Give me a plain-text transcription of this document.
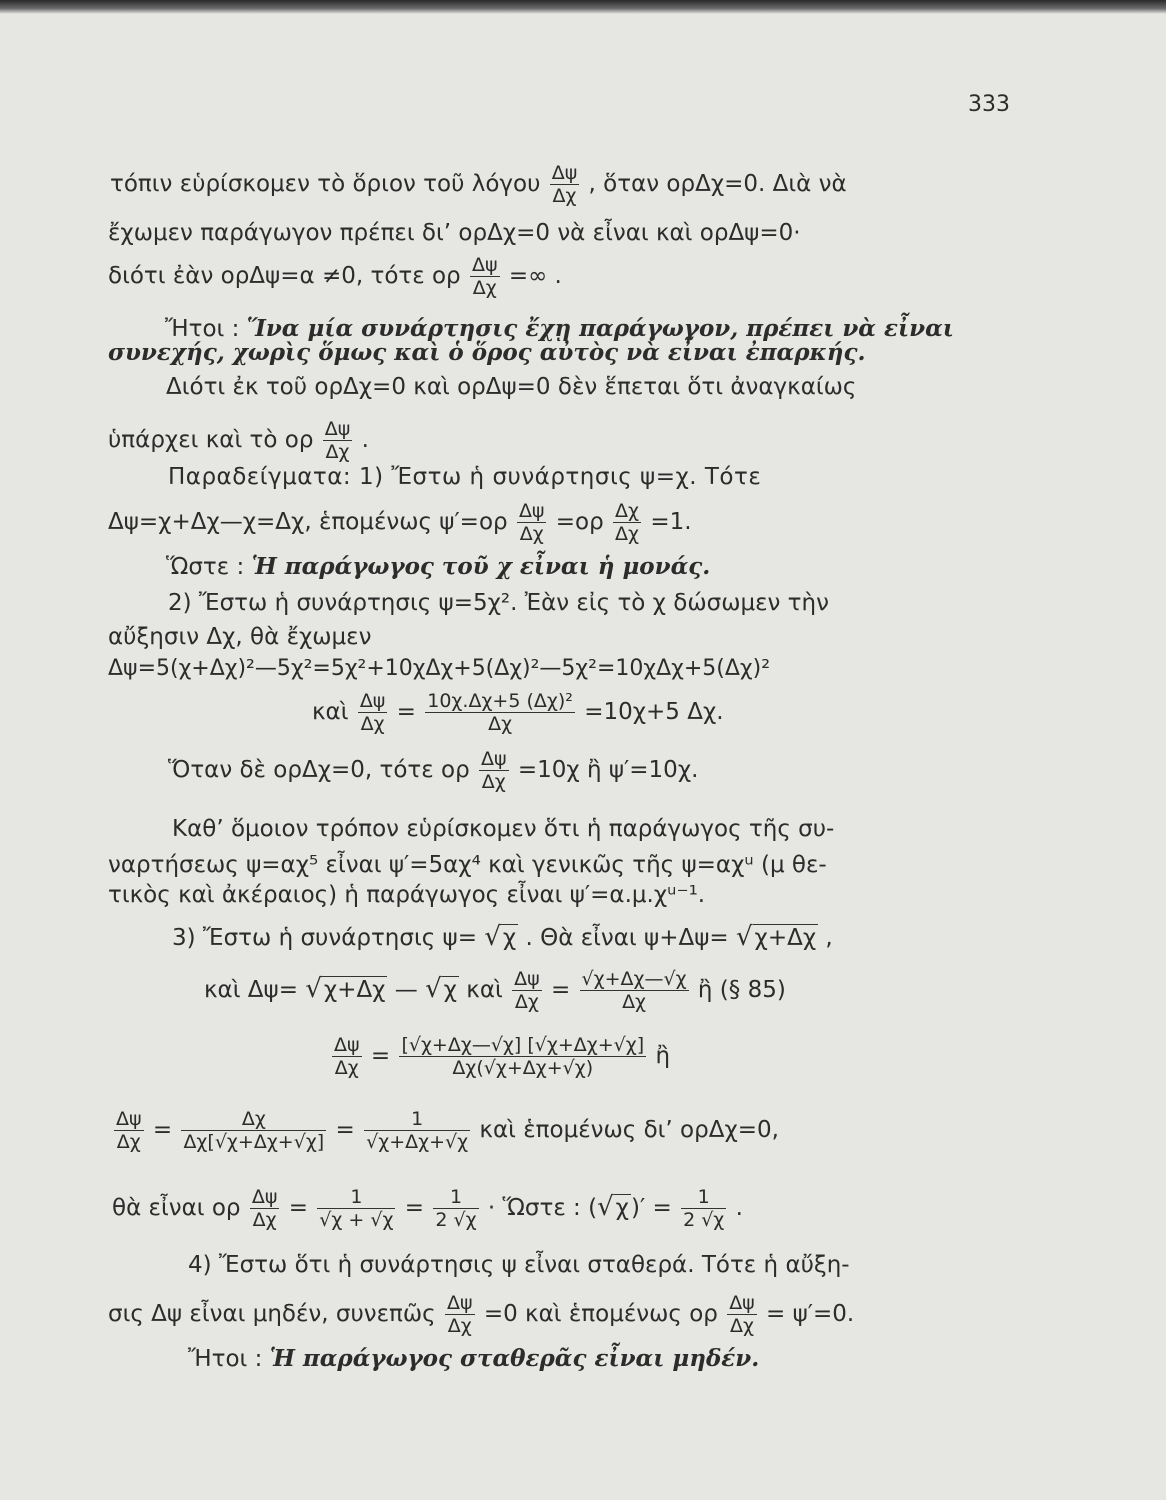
333
τόπιν εὑρίσκομεν τὸ ὅριον τοῦ λόγου $\frac{\Delta\psi}{\Delta\chi}$ , ὅταν ορΔχ=0. Διὰ νὰ
ἔχωμεν παράγωγον πρέπει δι’ ορΔχ=0 νὰ εἶναι καὶ ορΔψ=0·
διότι ἐὰν ορΔψ=α ≠0, τότε ορ $\frac{\Delta\psi}{\Delta\chi}$ =∞ .
Ἤτοι : Ἵνα μία συνάρτησις ἔχῃ παράγωγον, πρέπει νὰ εἶναι
συνεχής, χωρὶς ὅμως καὶ ὁ ὅρος αὐτὸς νὰ εἶναι ἐπαρκής.
Διότι ἐκ τοῦ ορΔχ=0 καὶ ορΔψ=0 δὲν ἕπεται ὅτι ἀναγκαίως
ὑπάρχει καὶ τὸ ορ $\frac{\Delta\psi}{\Delta\chi}$ .
Παραδείγματα: 1) Ἔστω ἡ συνάρτησις ψ=χ. Τότε
Δψ=χ+Δχ—χ=Δχ, ἑπομένως $\psi'=o\rho \frac{\Delta\psi}{\Delta\chi} =o\rho \frac{\Delta\chi}{\Delta\chi} =1$.
Ὥστε : Ἡ παράγωγος τοῦ χ εἶναι ἡ μονάς.
2) Ἔστω ἡ συνάρτησις ψ=5χ². Ἐὰν εἰς τὸ χ δώσωμεν τὴν
αὔξησιν Δχ, θὰ ἔχωμεν
Δψ=5(χ+Δχ)²—5χ²=5χ²+10χΔχ+5(Δχ)²—5χ²=10χΔχ+5(Δχ)²
καὶ $\frac{\Delta\psi}{\Delta\chi} = \frac{\text{10χ.Δχ+5 (Δχ)²}}{\Delta\chi} =10\chi+5$ Δχ.
Ὅταν δὲ ορΔχ=0, τότε ορ $\frac{\Delta\psi}{\Delta\chi} =10\chi$ ἢ ψ′=10χ.
Καθ’ ὅμοιον τρόπον εὑρίσκομεν ὅτι ἡ παράγωγος τῆς συ-
ναρτήσεως ψ=αχ⁵ εἶναι ψ′=5αχ⁴ καὶ γενικῶς τῆς ψ=αχᵘ (μ θε-
τικὸς καὶ ἀκέραιος) ἡ παράγωγος εἶναι ψ′=α.μ.χᵘ⁻¹.
3) Ἔστω ἡ συνάρτησις ψ= √χ . Θὰ εἶναι ψ+Δψ= √χ+Δχ ,
καὶ Δψ= √χ+Δχ — √χ καὶ $\frac{\Delta\psi}{\Delta\chi} = \frac{√\chi+\Delta\chi—√\chi}{\Delta\chi}$ ἢ (§ 85)
$\frac{\Delta\psi}{\Delta\chi} = \frac{[√\chi+\Delta\chi—√\chi] [√\chi+\Delta\chi+√\chi]}{\Delta\chi(√\chi+\Delta\chi+√\chi)}$ ἢ
$\frac{\Delta\psi}{\Delta\chi} = \frac{\Delta\chi}{\Delta\chi[√\chi+\Delta\chi+√\chi]} = \frac{1}{√\chi+\Delta\chi+√\chi}$ καὶ ἑπομένως δι’ ορΔχ=0,
θὰ εἶναι ορ $\frac{\Delta\psi}{\Delta\chi} = \frac{1}{√\chi + √\chi} = \frac{1}{2 √\chi}$ · Ὥστε : $(√\chi)' = \frac{1}{2 √\chi}$ .
4) Ἔστω ὅτι ἡ συνάρτησις ψ εἶναι σταθερά. Τότε ἡ αὔξη-
σις Δψ εἶναι μηδέν, συνεπῶς $\frac{\Delta\psi}{\Delta\chi} =0$ καὶ ἑπομένως ορ $\frac{\Delta\psi}{\Delta\chi} = \psi'=0$.
Ἤτοι : Ἡ παράγωγος σταθερᾶς εἶναι μηδέν.
